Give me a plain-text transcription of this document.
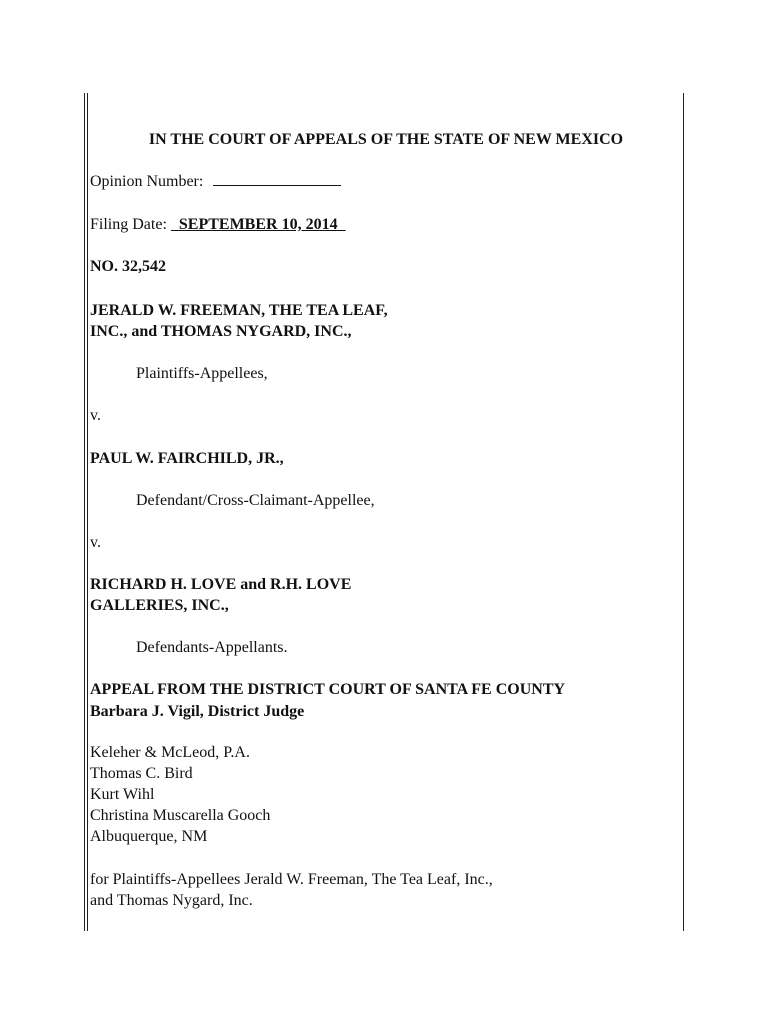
IN THE COURT OF APPEALS OF THE STATE OF NEW MEXICO
Opinion Number:
Filing Date: SEPTEMBER 10, 2014
NO. 32,542
JERALD W. FREEMAN, THE TEA LEAF,
INC., and THOMAS NYGARD, INC.,
Plaintiffs-Appellees,
v.
PAUL W. FAIRCHILD, JR.,
Defendant/Cross-Claimant-Appellee,
v.
RICHARD H. LOVE and R.H. LOVE
GALLERIES, INC.,
Defendants-Appellants.
APPEAL FROM THE DISTRICT COURT OF SANTA FE COUNTY
Barbara J. Vigil, District Judge
Keleher & McLeod, P.A.
Thomas C. Bird
Kurt Wihl
Christina Muscarella Gooch
Albuquerque, NM
for Plaintiffs-Appellees Jerald W. Freeman, The Tea Leaf, Inc.,
and Thomas Nygard, Inc.
